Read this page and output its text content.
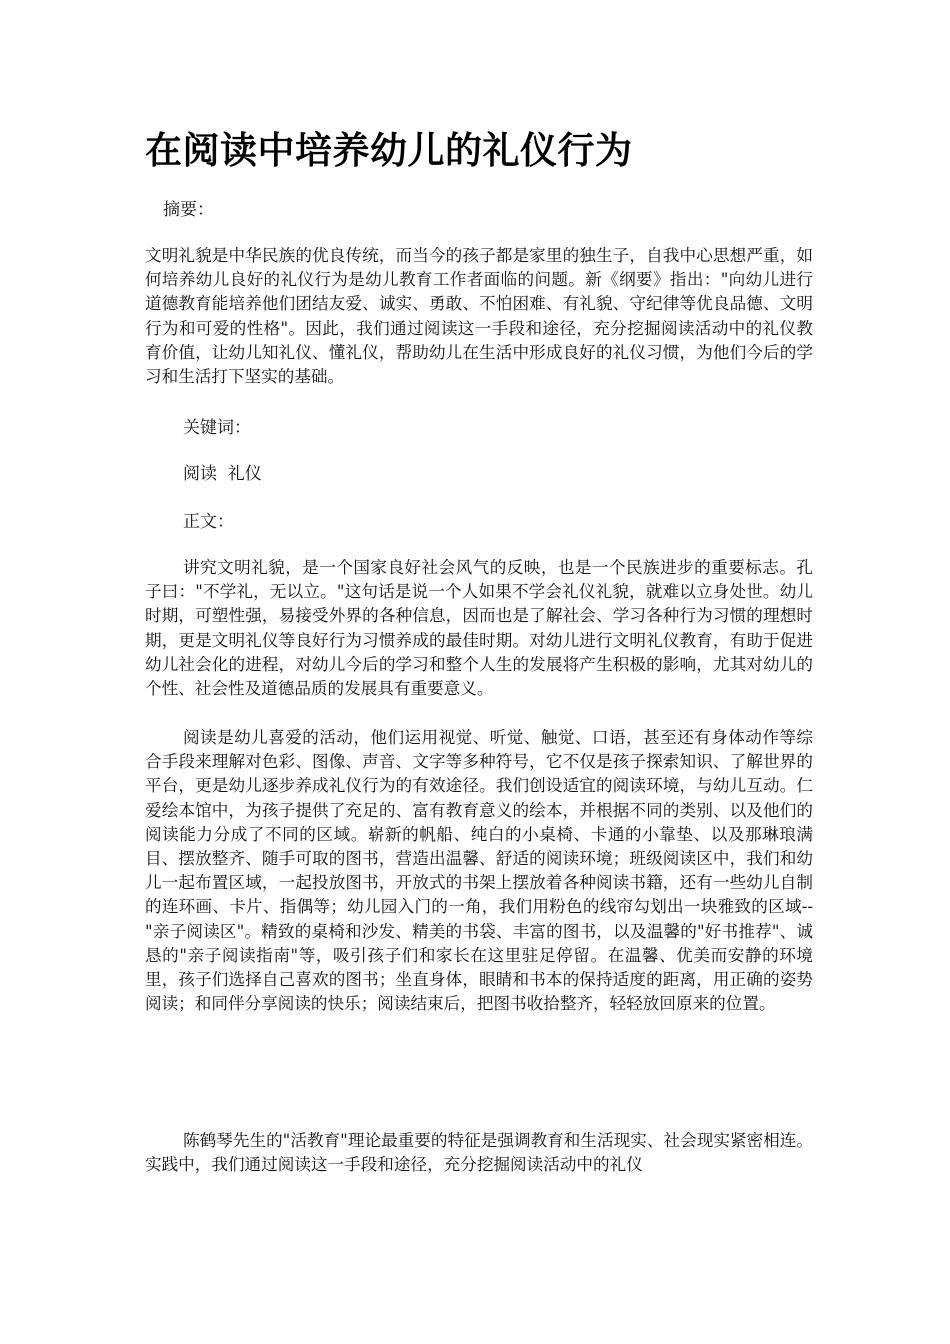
在阅读中培养幼儿的礼仪行为

摘要：

文明礼貌是中华民族的优良传统，而当今的孩子都是家里的独生子，自我中心思想严重，如何培养幼儿良好的礼仪行为是幼儿教育工作者面临的问题。新《纲要》指出："向幼儿进行道德教育能培养他们团结友爱、诚实、勇敢、不怕困难、有礼貌、守纪律等优良品德、文明行为和可爱的性格"。因此，我们通过阅读这一手段和途径，充分挖掘阅读活动中的礼仪教育价值，让幼儿知礼仪、懂礼仪，帮助幼儿在生活中形成良好的礼仪习惯，为他们今后的学习和生活打下坚实的基础。

关键词：

阅读  礼仪

正文：

讲究文明礼貌，是一个国家良好社会风气的反映，也是一个民族进步的重要标志。孔子曰："不学礼，无以立。"这句话是说一个人如果不学会礼仪礼貌，就难以立身处世。幼儿时期，可塑性强，易接受外界的各种信息，因而也是了解社会、学习各种行为习惯的理想时期，更是文明礼仪等良好行为习惯养成的最佳时期。对幼儿进行文明礼仪教育，有助于促进幼儿社会化的进程，对幼儿今后的学习和整个人生的发展将产生积极的影响，尤其对幼儿的个性、社会性及道德品质的发展具有重要意义。

阅读是幼儿喜爱的活动，他们运用视觉、听觉、触觉、口语，甚至还有身体动作等综合手段来理解对色彩、图像、声音、文字等多种符号，它不仅是孩子探索知识、了解世界的平台，更是幼儿逐步养成礼仪行为的有效途径。我们创设适宜的阅读环境，与幼儿互动。仁爱绘本馆中，为孩子提供了充足的、富有教育意义的绘本，并根据不同的类别、以及他们的阅读能力分成了不同的区域。崭新的帆船、纯白的小桌椅、卡通的小靠垫、以及那琳琅满目、摆放整齐、随手可取的图书，营造出温馨、舒适的阅读环境；班级阅读区中，我们和幼儿一起布置区域，一起投放图书，开放式的书架上摆放着各种阅读书籍，还有一些幼儿自制的连环画、卡片、指偶等；幼儿园入门的一角，我们用粉色的线帘勾划出一块雅致的区域--"亲子阅读区"。精致的桌椅和沙发、精美的书袋、丰富的图书，以及温馨的"好书推荐"、诚恳的"亲子阅读指南"等，吸引孩子们和家长在这里驻足停留。在温馨、优美而安静的环境里，孩子们选择自己喜欢的图书；坐直身体，眼睛和书本的保持适度的距离，用正确的姿势阅读；和同伴分享阅读的快乐；阅读结束后，把图书收拾整齐，轻轻放回原来的位置。

陈鹤琴先生的"活教育"理论最重要的特征是强调教育和生活现实、社会现实紧密相连。实践中，我们通过阅读这一手段和途径，充分挖掘阅读活动中的礼仪
